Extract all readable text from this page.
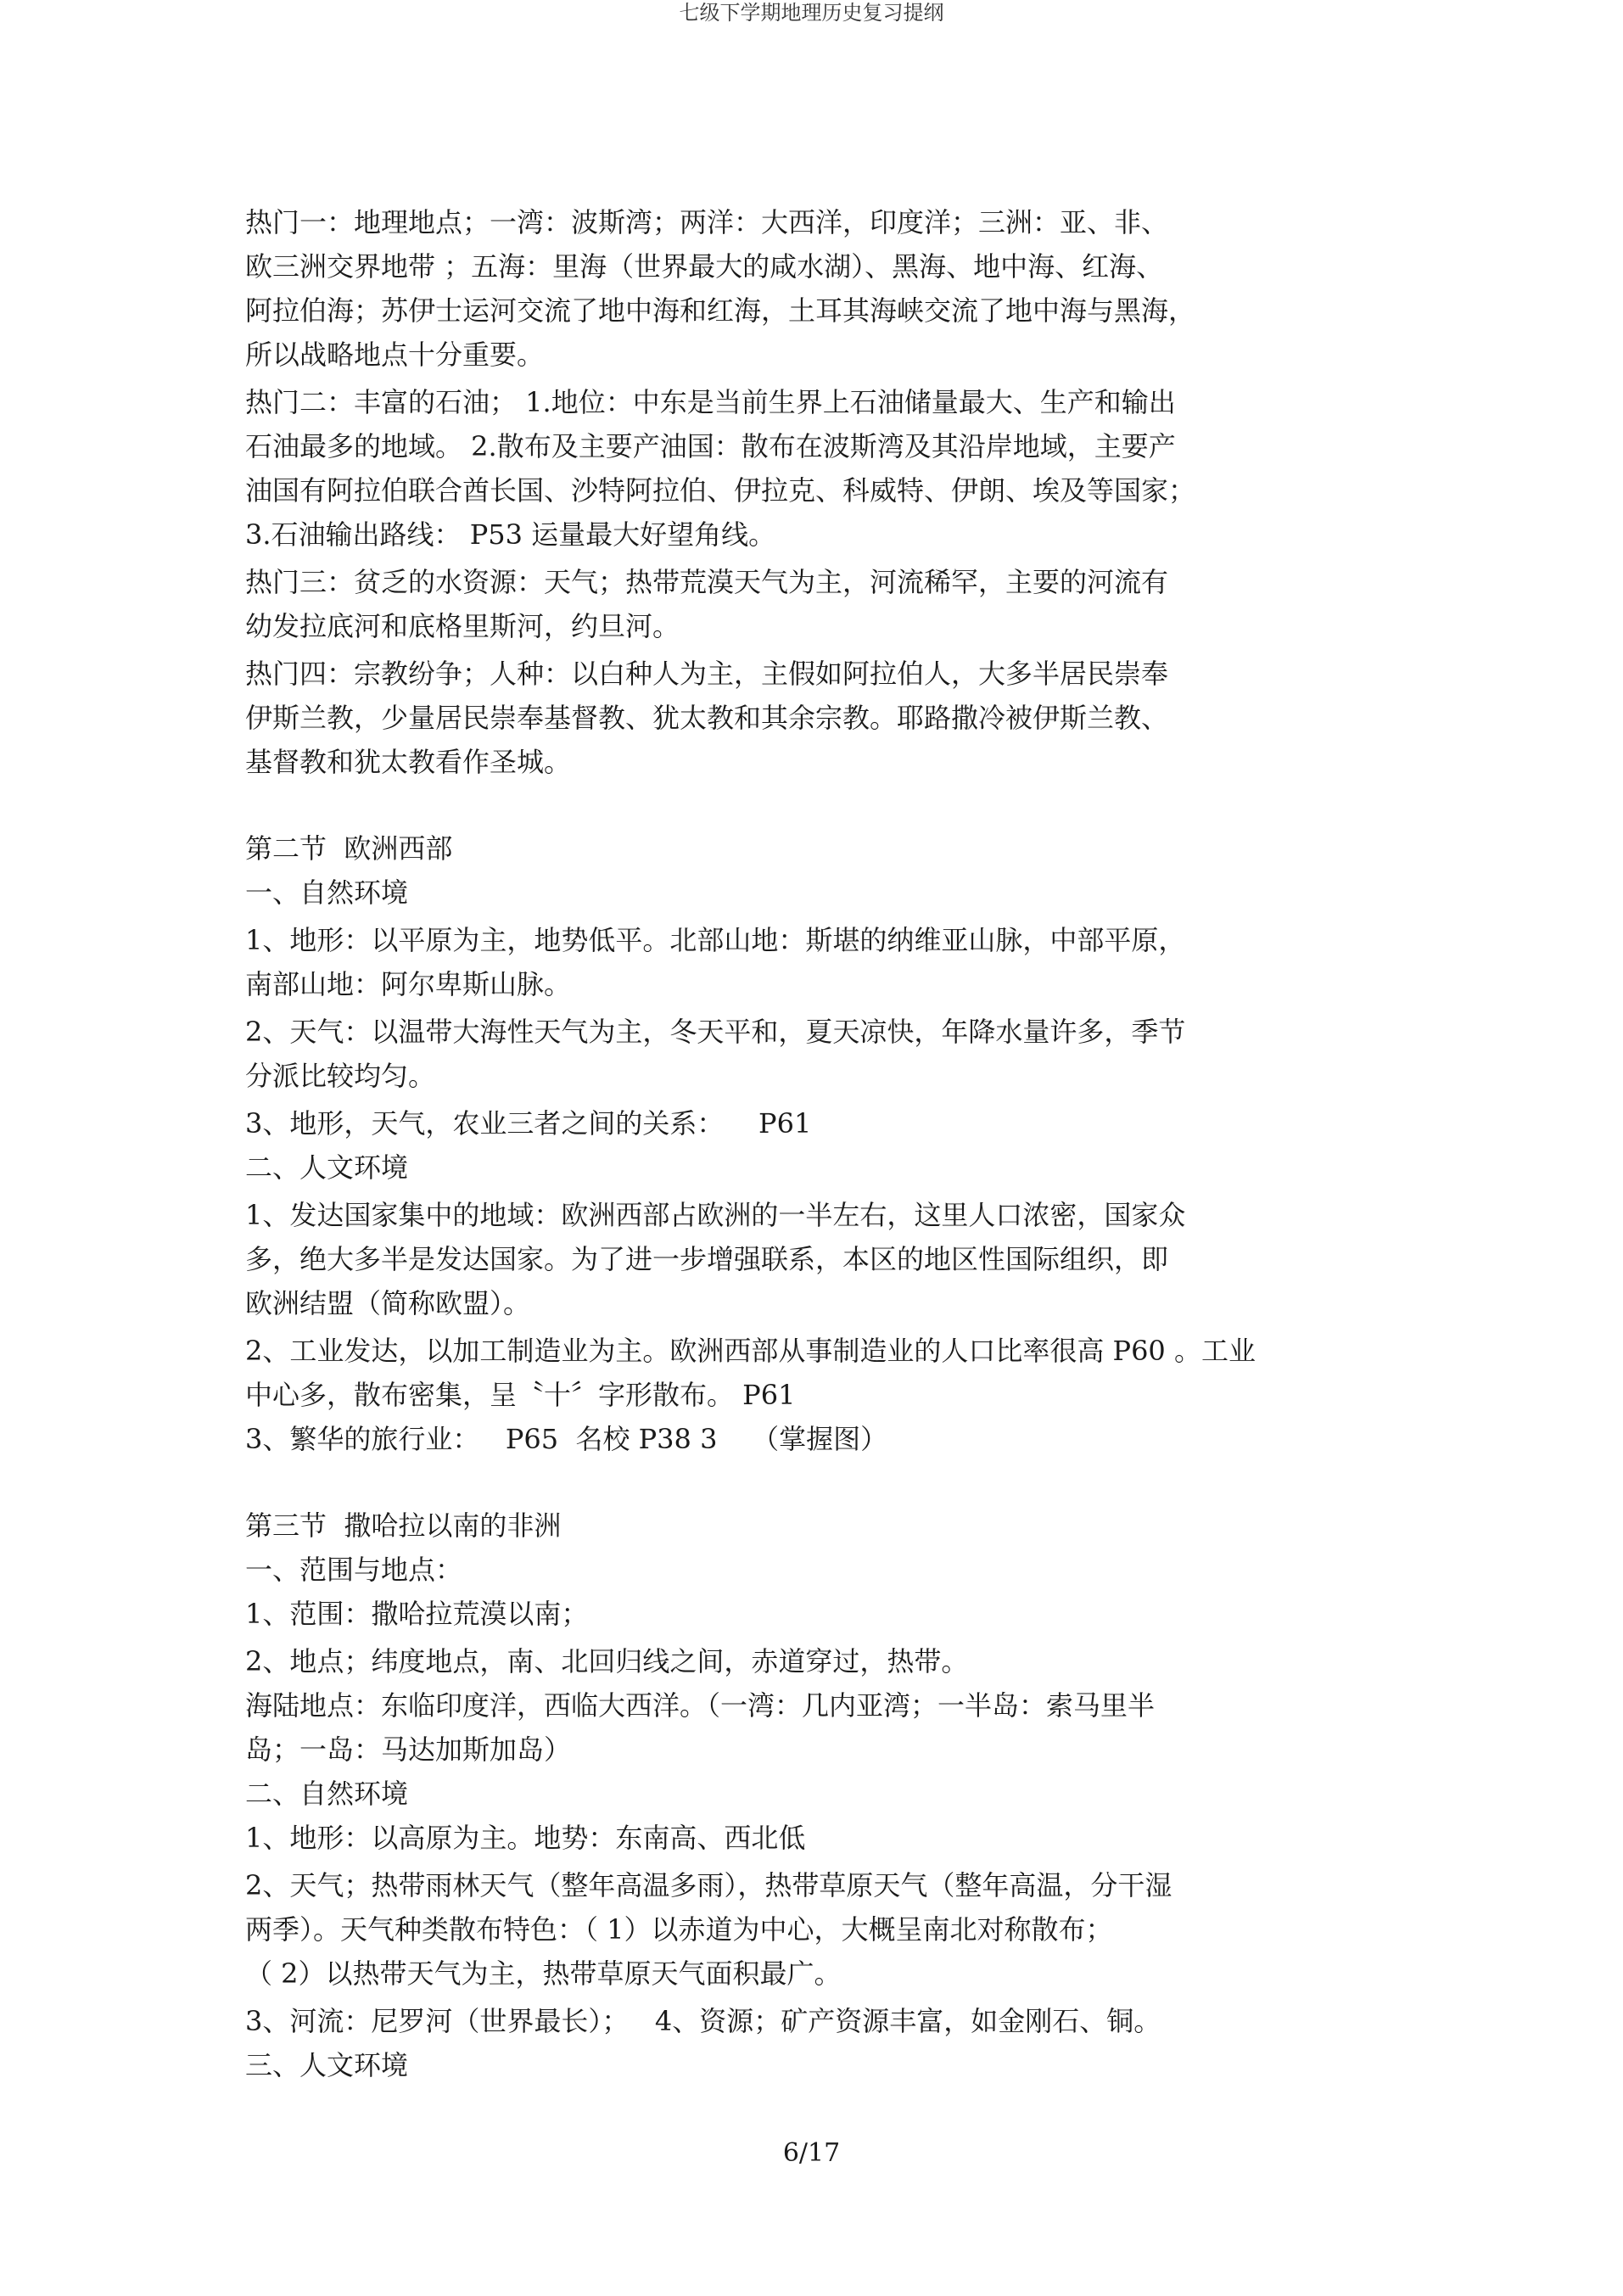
七级下学期地理历史复习提纲
热门一：地理地点；一湾：波斯湾；两洋：大西洋，印度洋；三洲：亚、非、
欧三洲交界地带 ；五海：里海（世界最大的咸水湖）、黑海、地中海、红海、
阿拉伯海；苏伊士运河交流了地中海和红海，土耳其海峡交流了地中海与黑海，
所以战略地点十分重要。
热门二：丰富的石油； 1.地位：中东是当前生界上石油储量最大、生产和输出
石油最多的地域。 2.散布及主要产油国：散布在波斯湾及其沿岸地域，主要产
油国有阿拉伯联合酋长国、沙特阿拉伯、伊拉克、科威特、伊朗、埃及等国家；
3.石油输出路线： P53 运量最大好望角线。
热门三：贫乏的水资源：天气；热带荒漠天气为主，河流稀罕，主要的河流有
幼发拉底河和底格里斯河，约旦河。
热门四：宗教纷争；人种：以白种人为主，主假如阿拉伯人，大多半居民崇奉
伊斯兰教，少量居民崇奉基督教、犹太教和其余宗教。耶路撒冷被伊斯兰教、
基督教和犹太教看作圣城。
第二节  欧洲西部
一、自然环境
1、地形：以平原为主，地势低平。北部山地：斯堪的纳维亚山脉，中部平原，
南部山地：阿尔卑斯山脉。
2、天气：以温带大海性天气为主，冬天平和，夏天凉快，年降水量许多，季节
分派比较均匀。
3、地形，天气，农业三者之间的关系：    P61
二、人文环境
1、发达国家集中的地域：欧洲西部占欧洲的一半左右，这里人口浓密，国家众
多，绝大多半是发达国家。为了进一步增强联系，本区的地区性国际组织，即
欧洲结盟（简称欧盟）。
2、工业发达，以加工制造业为主。欧洲西部从事制造业的人口比率很高 P60 。工业
中心多，散布密集，呈〝十〞字形散布。 P61
3、繁华的旅行业：   P65  名校 P38 3    （掌握图）
第三节  撒哈拉以南的非洲
一、范围与地点：
1、范围：撒哈拉荒漠以南；
2、地点；纬度地点，南、北回归线之间，赤道穿过，热带。
海陆地点：东临印度洋，西临大西洋。（一湾：几内亚湾；一半岛：索马里半
岛；一岛：马达加斯加岛）
二、自然环境
1、地形：以高原为主。地势：东南高、西北低
2、天气；热带雨林天气（整年高温多雨），热带草原天气（整年高温，分干湿
两季）。天气种类散布特色：（ 1）以赤道为中心，大概呈南北对称散布；
（ 2）以热带天气为主，热带草原天气面积最广。
3、河流：尼罗河（世界最长）；   4、资源；矿产资源丰富，如金刚石、铜。
三、人文环境
6/17
